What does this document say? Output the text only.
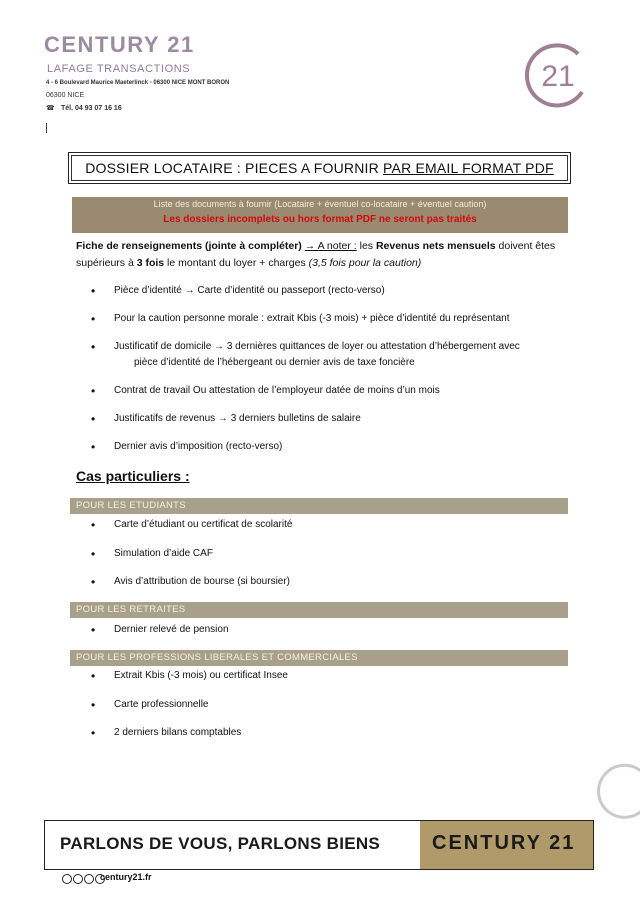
CENTURY 21
LAFAGE TRANSACTIONS
4 - 6 Boulevard Maurice Maeterlinck - 06300 NICE MONT BORON
06300 NICE
☎ Tél. 04 93 07 16 16
21
DOSSIER LOCATAIRE : PIECES A FOURNIR
PAR EMAIL FORMAT PDF
Liste des documents à fournir (Locataire + éventuel co-locataire + éventuel caution)
Les dossiers incomplets ou hors format PDF ne seront pas traités
Fiche de renseignements (jointe à compléter) → A noter : les Revenus nets mensuels doivent êtes supérieurs à 3 fois le montant du loyer + charges (3,5 fois pour la caution)
• Pièce d’identité → Carte d’identité ou passeport (recto-verso)
• Pour la caution personne morale : extrait Kbis (-3 mois) + pièce d’identité du représentant
• Justificatif de domicile → 3 dernières quittances de loyer ou attestation d’hébergement avec
pièce d’identité de l’hébergeant ou dernier avis de taxe foncière
• Contrat de travail Ou attestation de l’employeur datée de moins d’un mois
• Justificatifs de revenus → 3 derniers bulletins de salaire
• Dernier avis d’imposition (recto-verso)
Cas particuliers :
POUR LES ETUDIANTS
• Carte d’étudiant ou certificat de scolarité
• Simulation d’aide CAF
• Avis d’attribution de bourse (si boursier)
POUR LES RETRAITES
• Dernier relevé de pension
POUR LES PROFESSIONS LIBERALES ET COMMERCIALES
• Extrait Kbis (-3 mois) ou certificat Insee
• Carte professionnelle
• 2 derniers bilans comptables
PARLONS DE VOUS, PARLONS BIENS	CENTURY 21
century21.fr
